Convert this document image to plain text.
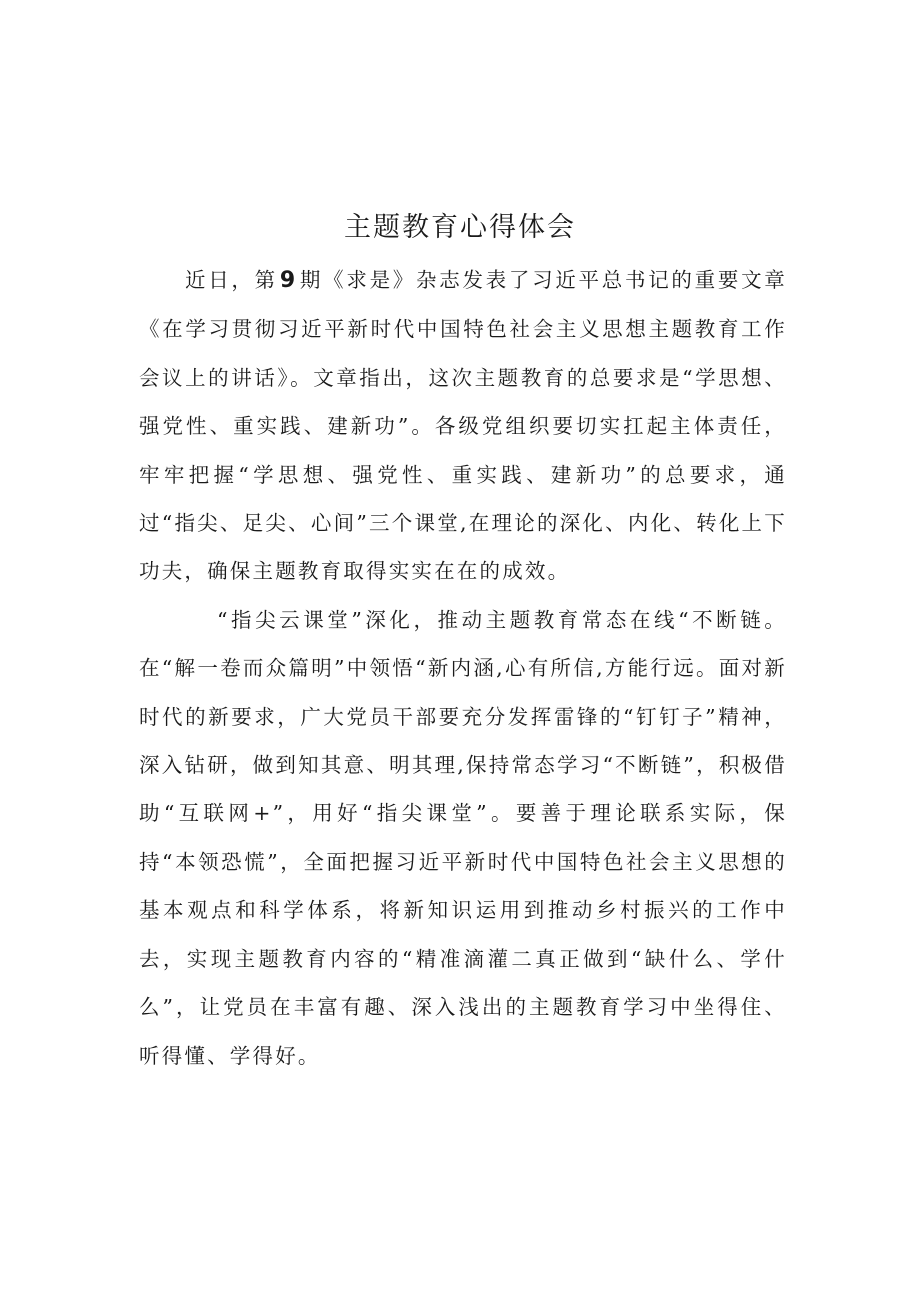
主题教育心得体会

近日，第9期《求是》杂志发表了习近平总书记的重要文章《在学习贯彻习近平新时代中国特色社会主义思想主题教育工作会议上的讲话》。文章指出，这次主题教育的总要求是“学思想、强党性、重实践、建新功”。各级党组织要切实扛起主体责任，牢牢把握“学思想、强党性、重实践、建新功”的总要求，通过“指尖、足尖、心间”三个课堂,在理论的深化、内化、转化上下功夫，确保主题教育取得实实在在的成效。

“指尖云课堂”深化，推动主题教育常态在线“不断链。在“解一卷而众篇明”中领悟“新内涵,心有所信,方能行远。面对新时代的新要求，广大党员干部要充分发挥雷锋的“钉钉子”精神，深入钻研，做到知其意、明其理,保持常态学习“不断链”，积极借助“互联网+”，用好“指尖课堂”。要善于理论联系实际，保持“本领恐慌”，全面把握习近平新时代中国特色社会主义思想的基本观点和科学体系，将新知识运用到推动乡村振兴的工作中去，实现主题教育内容的“精准滴灌二真正做到“缺什么、学什么”，让党员在丰富有趣、深入浅出的主题教育学习中坐得住、听得懂、学得好。
